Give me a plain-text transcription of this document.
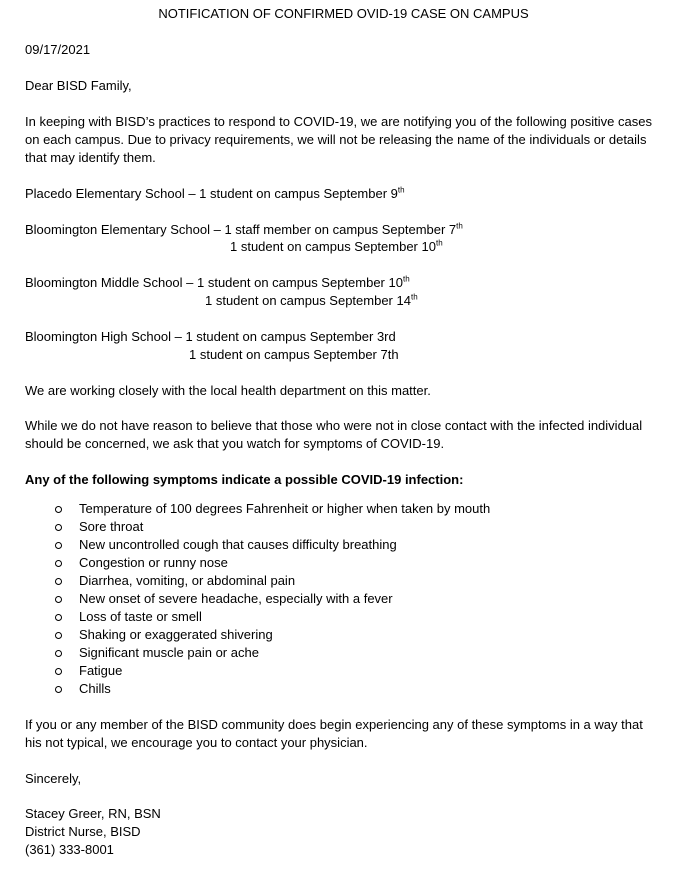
NOTIFICATION OF CONFIRMED OVID-19 CASE ON CAMPUS
09/17/2021
Dear BISD Family,
In keeping with BISD’s practices to respond to COVID-19, we are notifying you of the following positive cases on each campus. Due to privacy requirements, we will not be releasing the name of the individuals or details that may identify them.
Placedo Elementary School – 1 student on campus September 9th
Bloomington Elementary School – 1 staff member on campus September 7th
1 student on campus September 10th
Bloomington Middle School – 1 student on campus September 10th
1 student on campus September 14th
Bloomington High School – 1 student on campus September 3rd
1 student on campus September 7th
We are working closely with the local health department on this matter.
While we do not have reason to believe that those who were not in close contact with the infected individual should be concerned, we ask that you watch for symptoms of COVID-19.
Any of the following symptoms indicate a possible COVID-19 infection:
Temperature of 100 degrees Fahrenheit or higher when taken by mouth
Sore throat
New uncontrolled cough that causes difficulty breathing
Congestion or runny nose
Diarrhea, vomiting, or abdominal pain
New onset of severe headache, especially with a fever
Loss of taste or smell
Shaking or exaggerated shivering
Significant muscle pain or ache
Fatigue
Chills
If you or any member of the BISD community does begin experiencing any of these symptoms in a way that his not typical, we encourage you to contact your physician.
Sincerely,
Stacey Greer, RN, BSN
District Nurse, BISD
(361) 333-8001
